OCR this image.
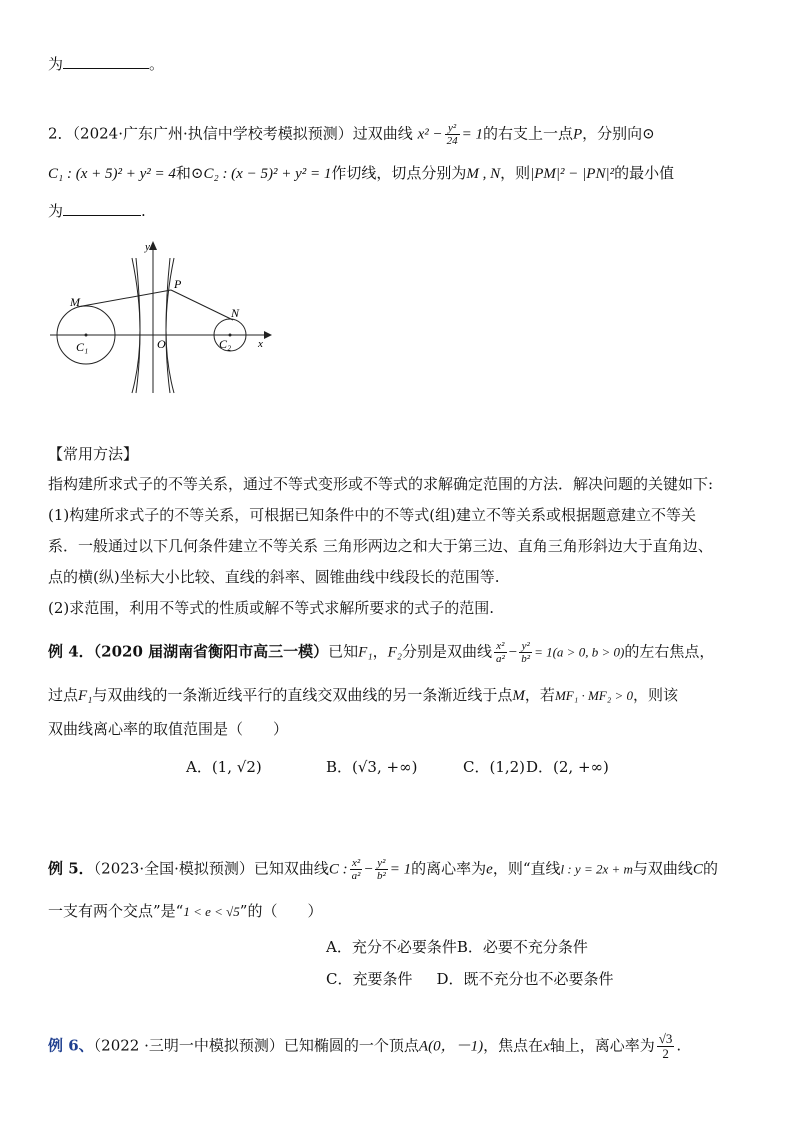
为	。
2．（2024·广东广州·执信中学校考模拟预测）过双曲线 $x^2 - \frac{\text{y²}}{24} = 1$的右支上一点P，分别向⊙
C₁ : (x + 5)² + y² = 4和⊙C₂ : (x − 5)² + y² = 1作切线，切点分别为M , N，则|PM|² − |PN|²的最小值
为	.
y
x
M
P
N
C₁	O	C₂
【常用方法】
指构建所求式子的不等关系，通过不等式变形或不等式的求解确定范围的方法．解决问题的关键如下:
(1)构建所求式子的不等关系，可根据已知条件中的不等式(组)建立不等关系或根据题意建立不等关
系．一般通过以下几何条件建立不等关系 三角形两边之和大于第三边、直角三角形斜边大于直角边、
点的横(纵)坐标大小比较、直线的斜率、圆锥曲线中线段长的范围等.
(2)求范围，利用不等式的性质或解不等式求解所要求的式子的范围.
例 4．（2020 届湖南省衡阳市高三一模）已知F₁，F₂分别是双曲线 $\frac{\text{x²}}{\text{a²}} - \frac{\text{y²}}{\text{b²}} = 1(a > 0$, b > 0)的左右焦点，
过点F₁与双曲线的一条渐近线平行的直线交双曲线的另一条渐近线于点M，若MF₁ · MF₂ > 0，则该
双曲线离心率的取值范围是（　　）
A．(1, √2)	B．(√3, +∞)	C．(1,2) D．(2, +∞)
例 5．（2023·全国·模拟预测）已知双曲线C : $\frac{\text{x²}}{\text{a²}} - \frac{\text{y²}}{\text{b²}} = 1$的离心率为e，则“直线l : y = 2x + m与双曲线C的
一支有两个交点”是“1 < e < √5”的（　　）
A．充分不必要条件B．必要不充分条件
C．充要条件 D．既不充分也不必要条件
例 6、（2022 ·三明一中模拟预测）已知椭圆的一个顶点A(0，－1)，焦点在x轴上，离心率为 $\frac{√3}{2}$ .
